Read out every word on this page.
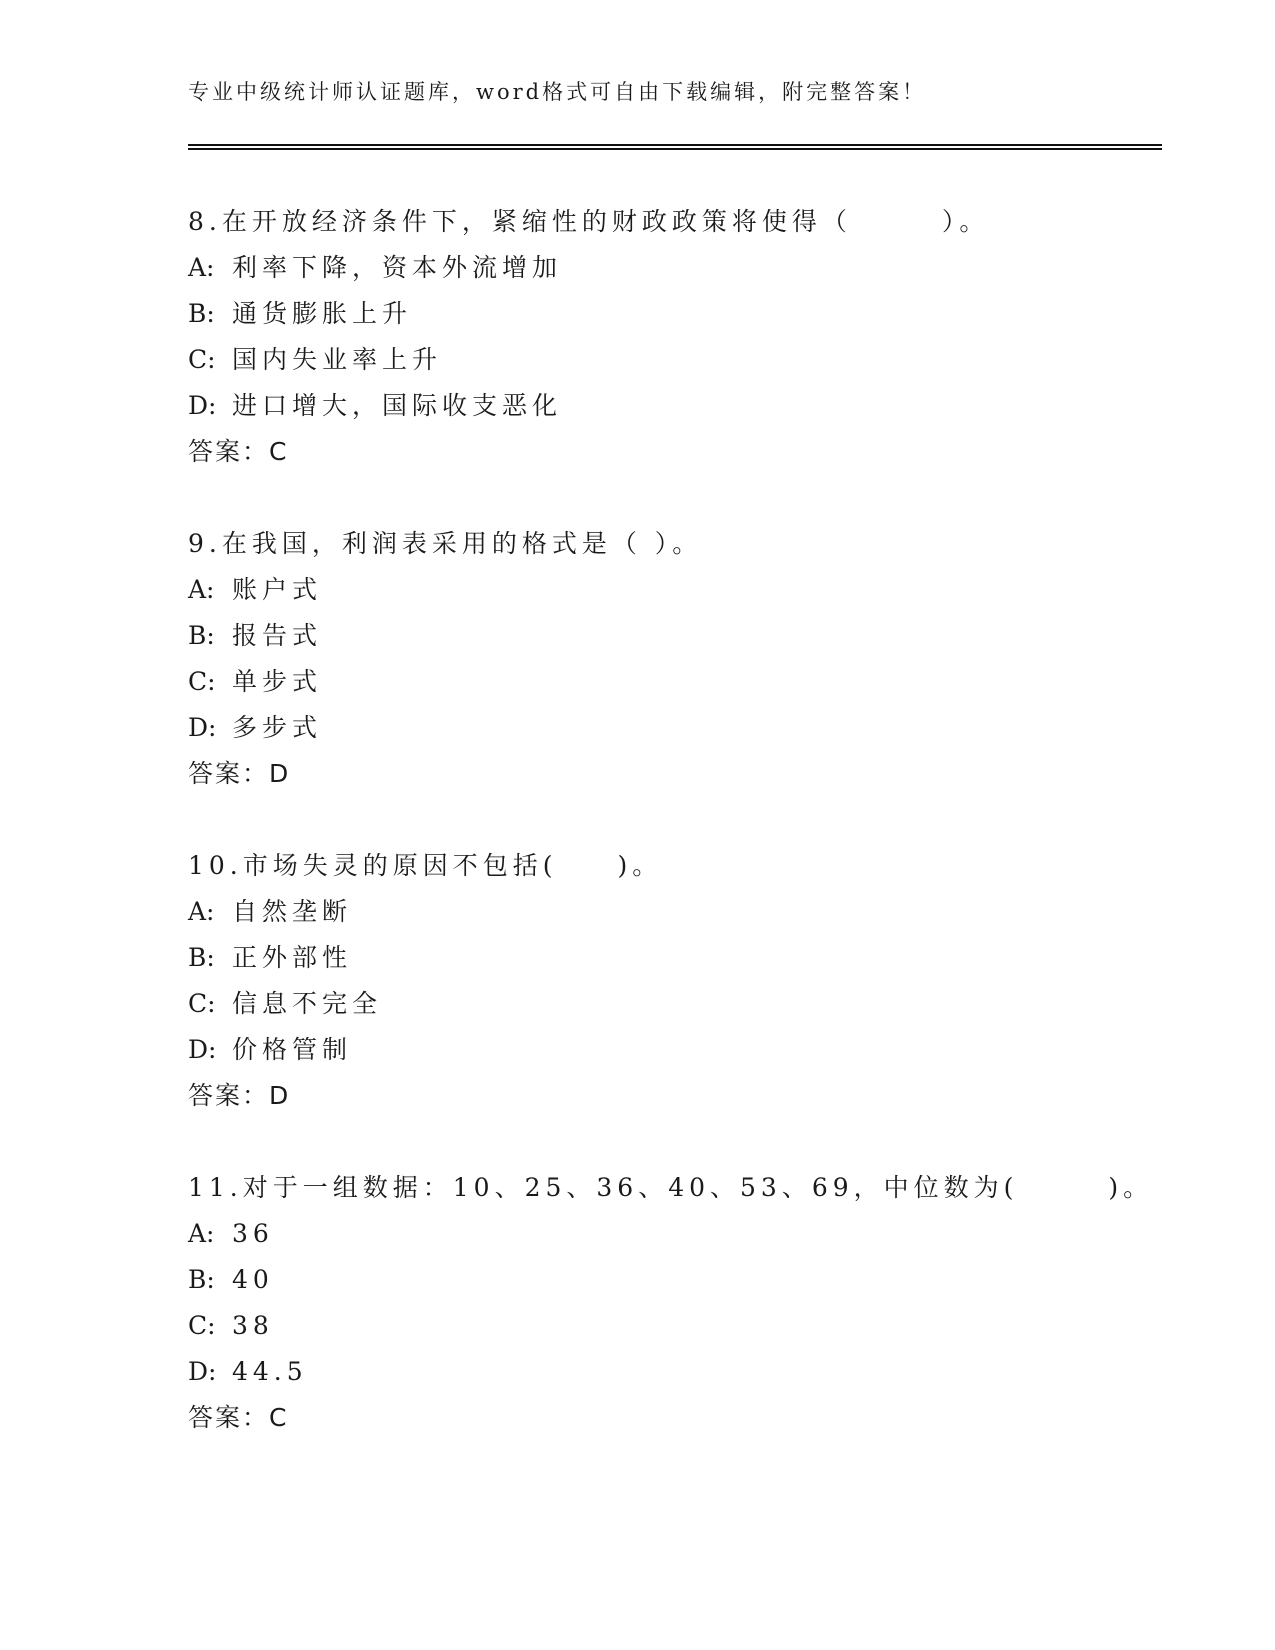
专业中级统计师认证题库，word格式可自由下载编辑，附完整答案！
8.在开放经济条件下，紧缩性的财政政策将使得（　　　）。
A: 利率下降，资本外流增加
B: 通货膨胀上升
C: 国内失业率上升
D: 进口增大，国际收支恶化
答案：C
9.在我国，利润表采用的格式是（ ）。
A: 账户式
B: 报告式
C: 单步式
D: 多步式
答案：D
10.市场失灵的原因不包括(　　)。
A: 自然垄断
B: 正外部性
C: 信息不完全
D: 价格管制
答案：D
11.对于一组数据：10、25、36、40、53、69，中位数为(　　　)。
A: 36
B: 40
C: 38
D: 44.5
答案：C
